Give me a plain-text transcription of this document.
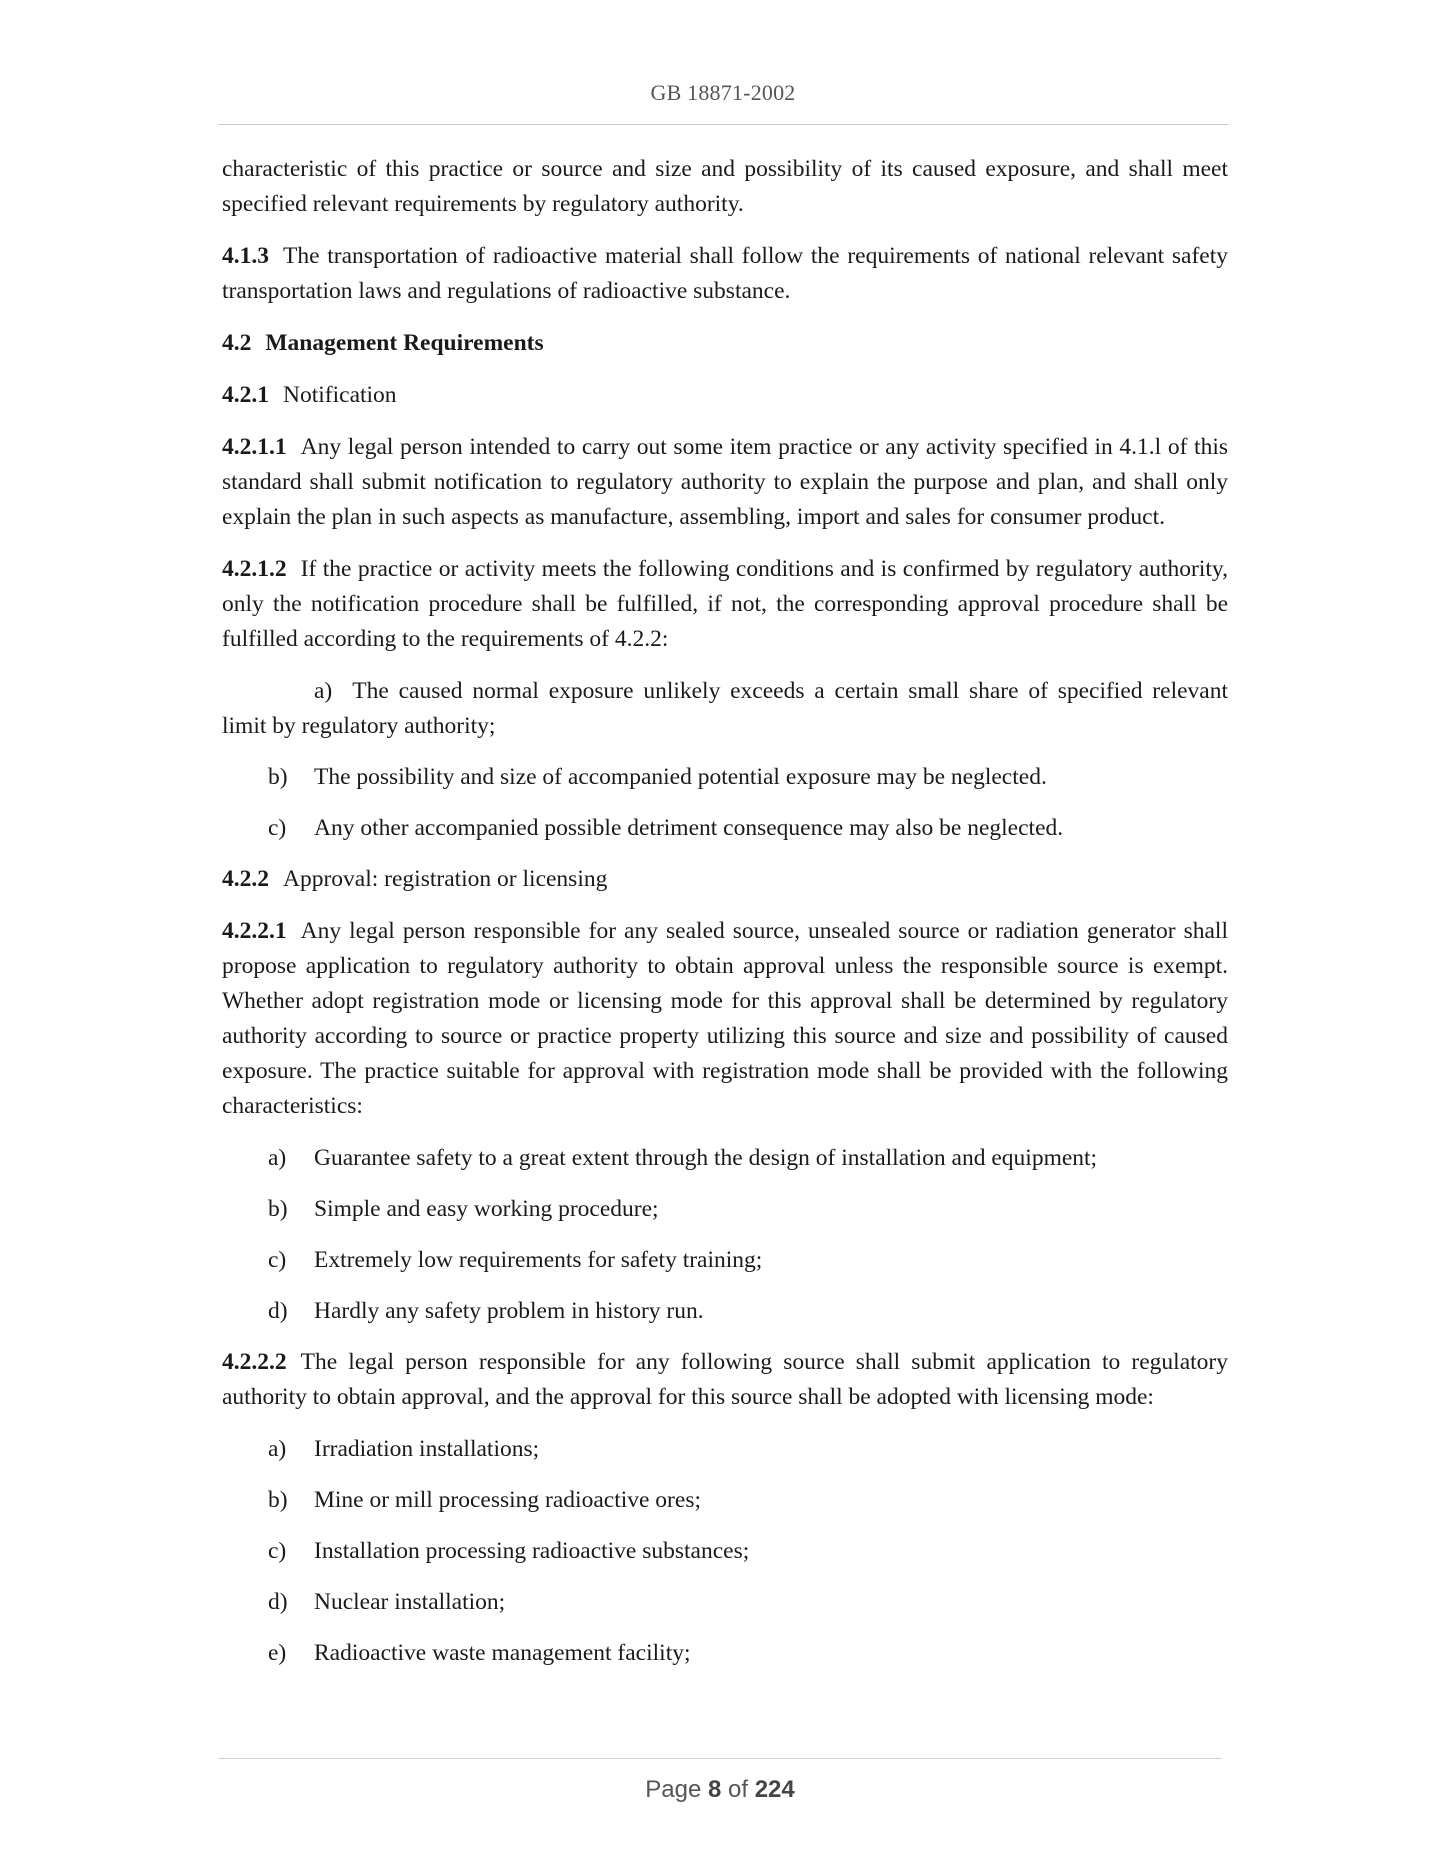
GB 18871-2002
characteristic of this practice or source and size and possibility of its caused exposure, and shall meet specified relevant requirements by regulatory authority.
4.1.3 The transportation of radioactive material shall follow the requirements of national relevant safety transportation laws and regulations of radioactive substance.
4.2 Management Requirements
4.2.1 Notification
4.2.1.1 Any legal person intended to carry out some item practice or any activity specified in 4.1.l of this standard shall submit notification to regulatory authority to explain the purpose and plan, and shall only explain the plan in such aspects as manufacture, assembling, import and sales for consumer product.
4.2.1.2 If the practice or activity meets the following conditions and is confirmed by regulatory authority, only the notification procedure shall be fulfilled, if not, the corresponding approval procedure shall be fulfilled according to the requirements of 4.2.2:
a) The caused normal exposure unlikely exceeds a certain small share of specified relevant limit by regulatory authority;
b) The possibility and size of accompanied potential exposure may be neglected.
c) Any other accompanied possible detriment consequence may also be neglected.
4.2.2 Approval: registration or licensing
4.2.2.1 Any legal person responsible for any sealed source, unsealed source or radiation generator shall propose application to regulatory authority to obtain approval unless the responsible source is exempt. Whether adopt registration mode or licensing mode for this approval shall be determined by regulatory authority according to source or practice property utilizing this source and size and possibility of caused exposure. The practice suitable for approval with registration mode shall be provided with the following characteristics:
a) Guarantee safety to a great extent through the design of installation and equipment;
b) Simple and easy working procedure;
c) Extremely low requirements for safety training;
d) Hardly any safety problem in history run.
4.2.2.2 The legal person responsible for any following source shall submit application to regulatory authority to obtain approval, and the approval for this source shall be adopted with licensing mode:
a) Irradiation installations;
b) Mine or mill processing radioactive ores;
c) Installation processing radioactive substances;
d) Nuclear installation;
e) Radioactive waste management facility;
Page 8 of 224
